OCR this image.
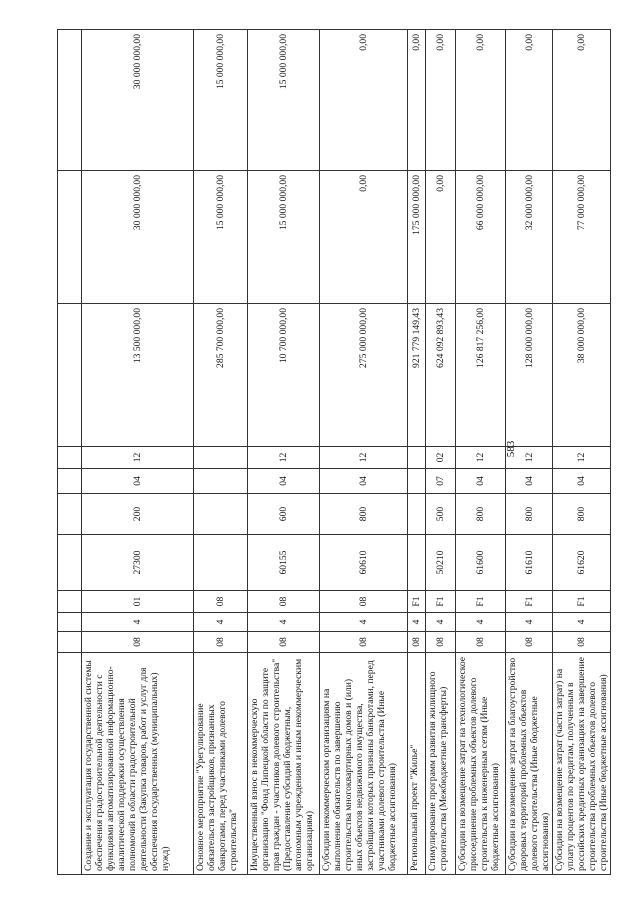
583

Создание и эксплуатация государственной системы обеспечения градостроительной деятельности с функциями автоматизированной информационно-аналитической поддержки осуществления полномочий в области градостроительной деятельности (Закупка товаров, работ и услуг для обеспечения государственных (муниципальных) нужд)	08	4	01	27300	200	04	12	13 500 000,00	30 000 000,00	30 000 000,00
Основное мероприятие "Урегулирование обязательств застройщиков, признанных банкротами, перед участниками долевого строительства"	08	4	08					285 700 000,00	15 000 000,00	15 000 000,00
Имущественный взнос в некоммерческую организацию "Фонд Липецкой области по защите прав граждан - участников долевого строительства" (Предоставление субсидий бюджетным, автономным учреждениям и иным некоммерческим организациям)	08	4	08	60155	600	04	12	10 700 000,00	15 000 000,00	15 000 000,00
Субсидии некоммерческим организациям на выполнение обязательств по завершению строительства многоквартирных домов и (или) иных объектов недвижимого имущества, застройщики которых признаны банкротами, перед участниками долевого строительства (Иные бюджетные ассигнования)	08	4	08	60610	800	04	12	275 000 000,00	0,00	0,00
Региональный проект "Жилье"	08	4	F1					921 779 149,43	175 000 000,00	0,00
Стимулирование программ развития жилищного строительства (Межбюджетные трансферты)	08	4	F1	50210	500	07	02	624 092 893,43	0,00	0,00
Субсидии на возмещение затрат на технологическое присоединение проблемных объектов долевого строительства к инженерным сетям (Иные бюджетные ассигнования)	08	4	F1	61600	800	04	12	126 817 256,00	66 000 000,00	0,00
Субсидии на возмещение затрат на благоустройство дворовых территорий проблемных объектов долевого строительства (Иные бюджетные ассигнования)	08	4	F1	61610	800	04	12	128 000 000,00	32 000 000,00	0,00
Субсидии на возмещение затрат (части затрат) на уплату процентов по кредитам, полученным в российских кредитных организациях на завершение строительства проблемных объектов долевого строительства (Иные бюджетные ассигнования)	08	4	F1	61620	800	04	12	38 000 000,00	77 000 000,00	0,00
